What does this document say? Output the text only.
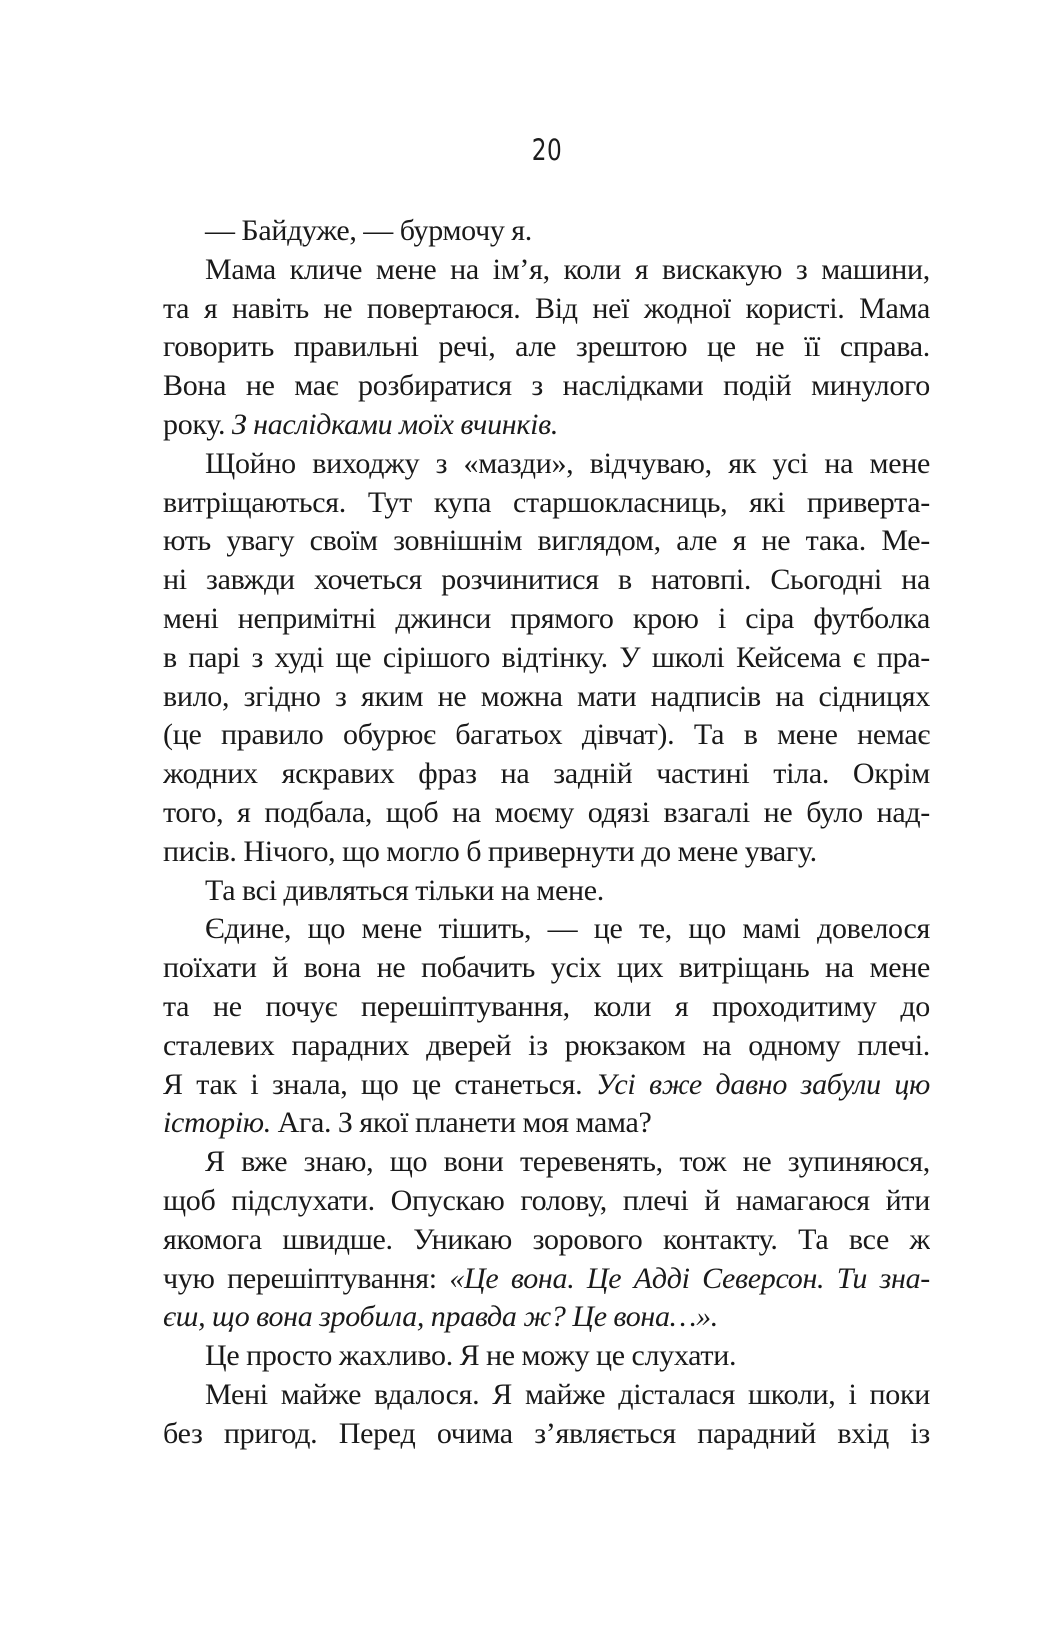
20
— Байдуже, — бурмочу я.
Мама кличе мене на ім’я, коли я вискакую з машини,
та я навіть не повертаюся. Від неї жодної користі. Мама
говорить правильні речі, але зрештою це не її справа.
Вона не має розбиратися з наслідками подій минулого
року. З наслідками моїх вчинків.
Щойно виходжу з «мазди», відчуваю, як усі на мене
витріщаються. Тут купа старшокласниць, які приверта-
ють увагу своїм зовнішнім виглядом, але я не така. Ме-
ні завжди хочеться розчинитися в натовпі. Сьогодні на
мені непримітні джинси прямого крою і сіра футболка
в парі з худі ще сірішого відтінку. У школі Кейсема є пра-
вило, згідно з яким не можна мати надписів на сідницях
(це правило обурює багатьох дівчат). Та в мене немає
жодних яскравих фраз на задній частині тіла. Окрім
того, я подбала, щоб на моєму одязі взагалі не було над-
писів. Нічого, що могло б привернути до мене увагу.
Та всі дивляться тільки на мене.
Єдине, що мене тішить, — це те, що мамі довелося
поїхати й вона не побачить усіх цих витріщань на мене
та не почує перешіптування, коли я проходитиму до
сталевих парадних дверей із рюкзаком на одному плечі.
Я так і знала, що це станеться. Усі вже давно забули цю
історію. Ага. З якої планети моя мама?
Я вже знаю, що вони теревенять, тож не зупиняюся,
щоб підслухати. Опускаю голову, плечі й намагаюся йти
якомога швидше. Уникаю зорового контакту. Та все ж
чую перешіптування: «Це вона. Це Адді Северсон. Ти зна-
єш, що вона зробила, правда ж? Це вона…».
Це просто жахливо. Я не можу це слухати.
Мені майже вдалося. Я майже дісталася школи, і поки
без пригод. Перед очима з’являється парадний вхід із
